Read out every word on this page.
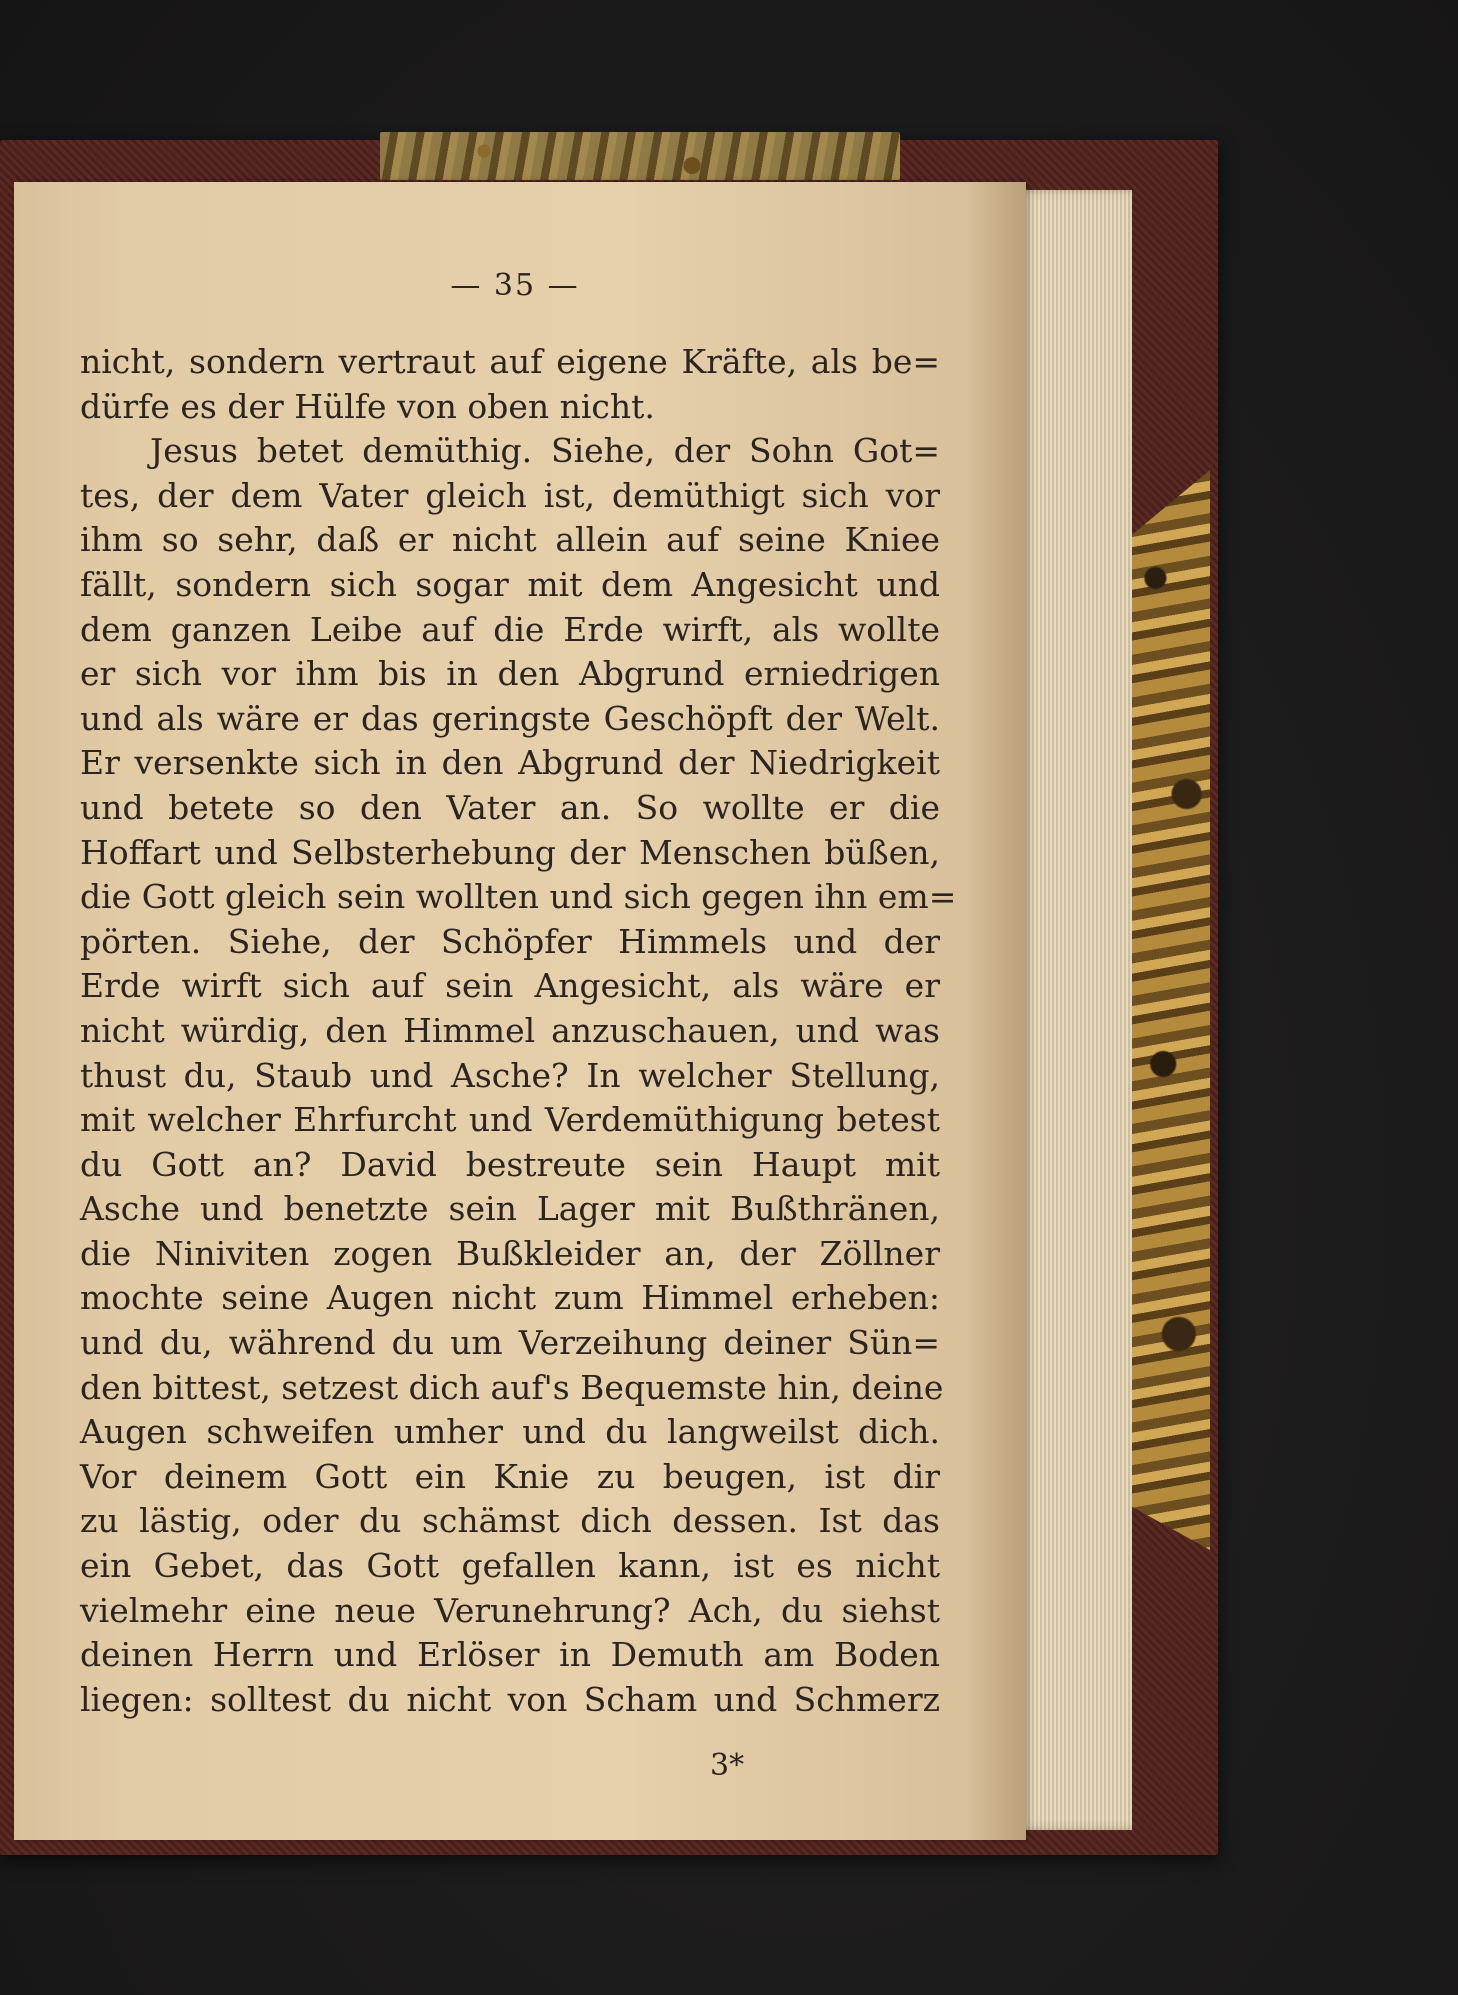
— 35 —
nicht, sondern vertraut auf eigene Kräfte, als be=
dürfe es der Hülfe von oben nicht.
Jesus betet demüthig. Siehe, der Sohn Got=
tes, der dem Vater gleich ist, demüthigt sich vor
ihm so sehr, daß er nicht allein auf seine Kniee
fällt, sondern sich sogar mit dem Angesicht und
dem ganzen Leibe auf die Erde wirft, als wollte
er sich vor ihm bis in den Abgrund erniedrigen
und als wäre er das geringste Geschöpft der Welt.
Er versenkte sich in den Abgrund der Niedrigkeit
und betete so den Vater an. So wollte er die
Hoffart und Selbsterhebung der Menschen büßen,
die Gott gleich sein wollten und sich gegen ihn em=
pörten. Siehe, der Schöpfer Himmels und der
Erde wirft sich auf sein Angesicht, als wäre er
nicht würdig, den Himmel anzuschauen, und was
thust du, Staub und Asche? In welcher Stellung,
mit welcher Ehrfurcht und Verdemüthigung betest
du Gott an? David bestreute sein Haupt mit
Asche und benetzte sein Lager mit Bußthränen,
die Niniviten zogen Bußkleider an, der Zöllner
mochte seine Augen nicht zum Himmel erheben:
und du, während du um Verzeihung deiner Sün=
den bittest, setzest dich auf's Bequemste hin, deine
Augen schweifen umher und du langweilst dich.
Vor deinem Gott ein Knie zu beugen, ist dir
zu lästig, oder du schämst dich dessen. Ist das
ein Gebet, das Gott gefallen kann, ist es nicht
vielmehr eine neue Verunehrung? Ach, du siehst
deinen Herrn und Erlöser in Demuth am Boden
liegen: solltest du nicht von Scham und Schmerz
3*
